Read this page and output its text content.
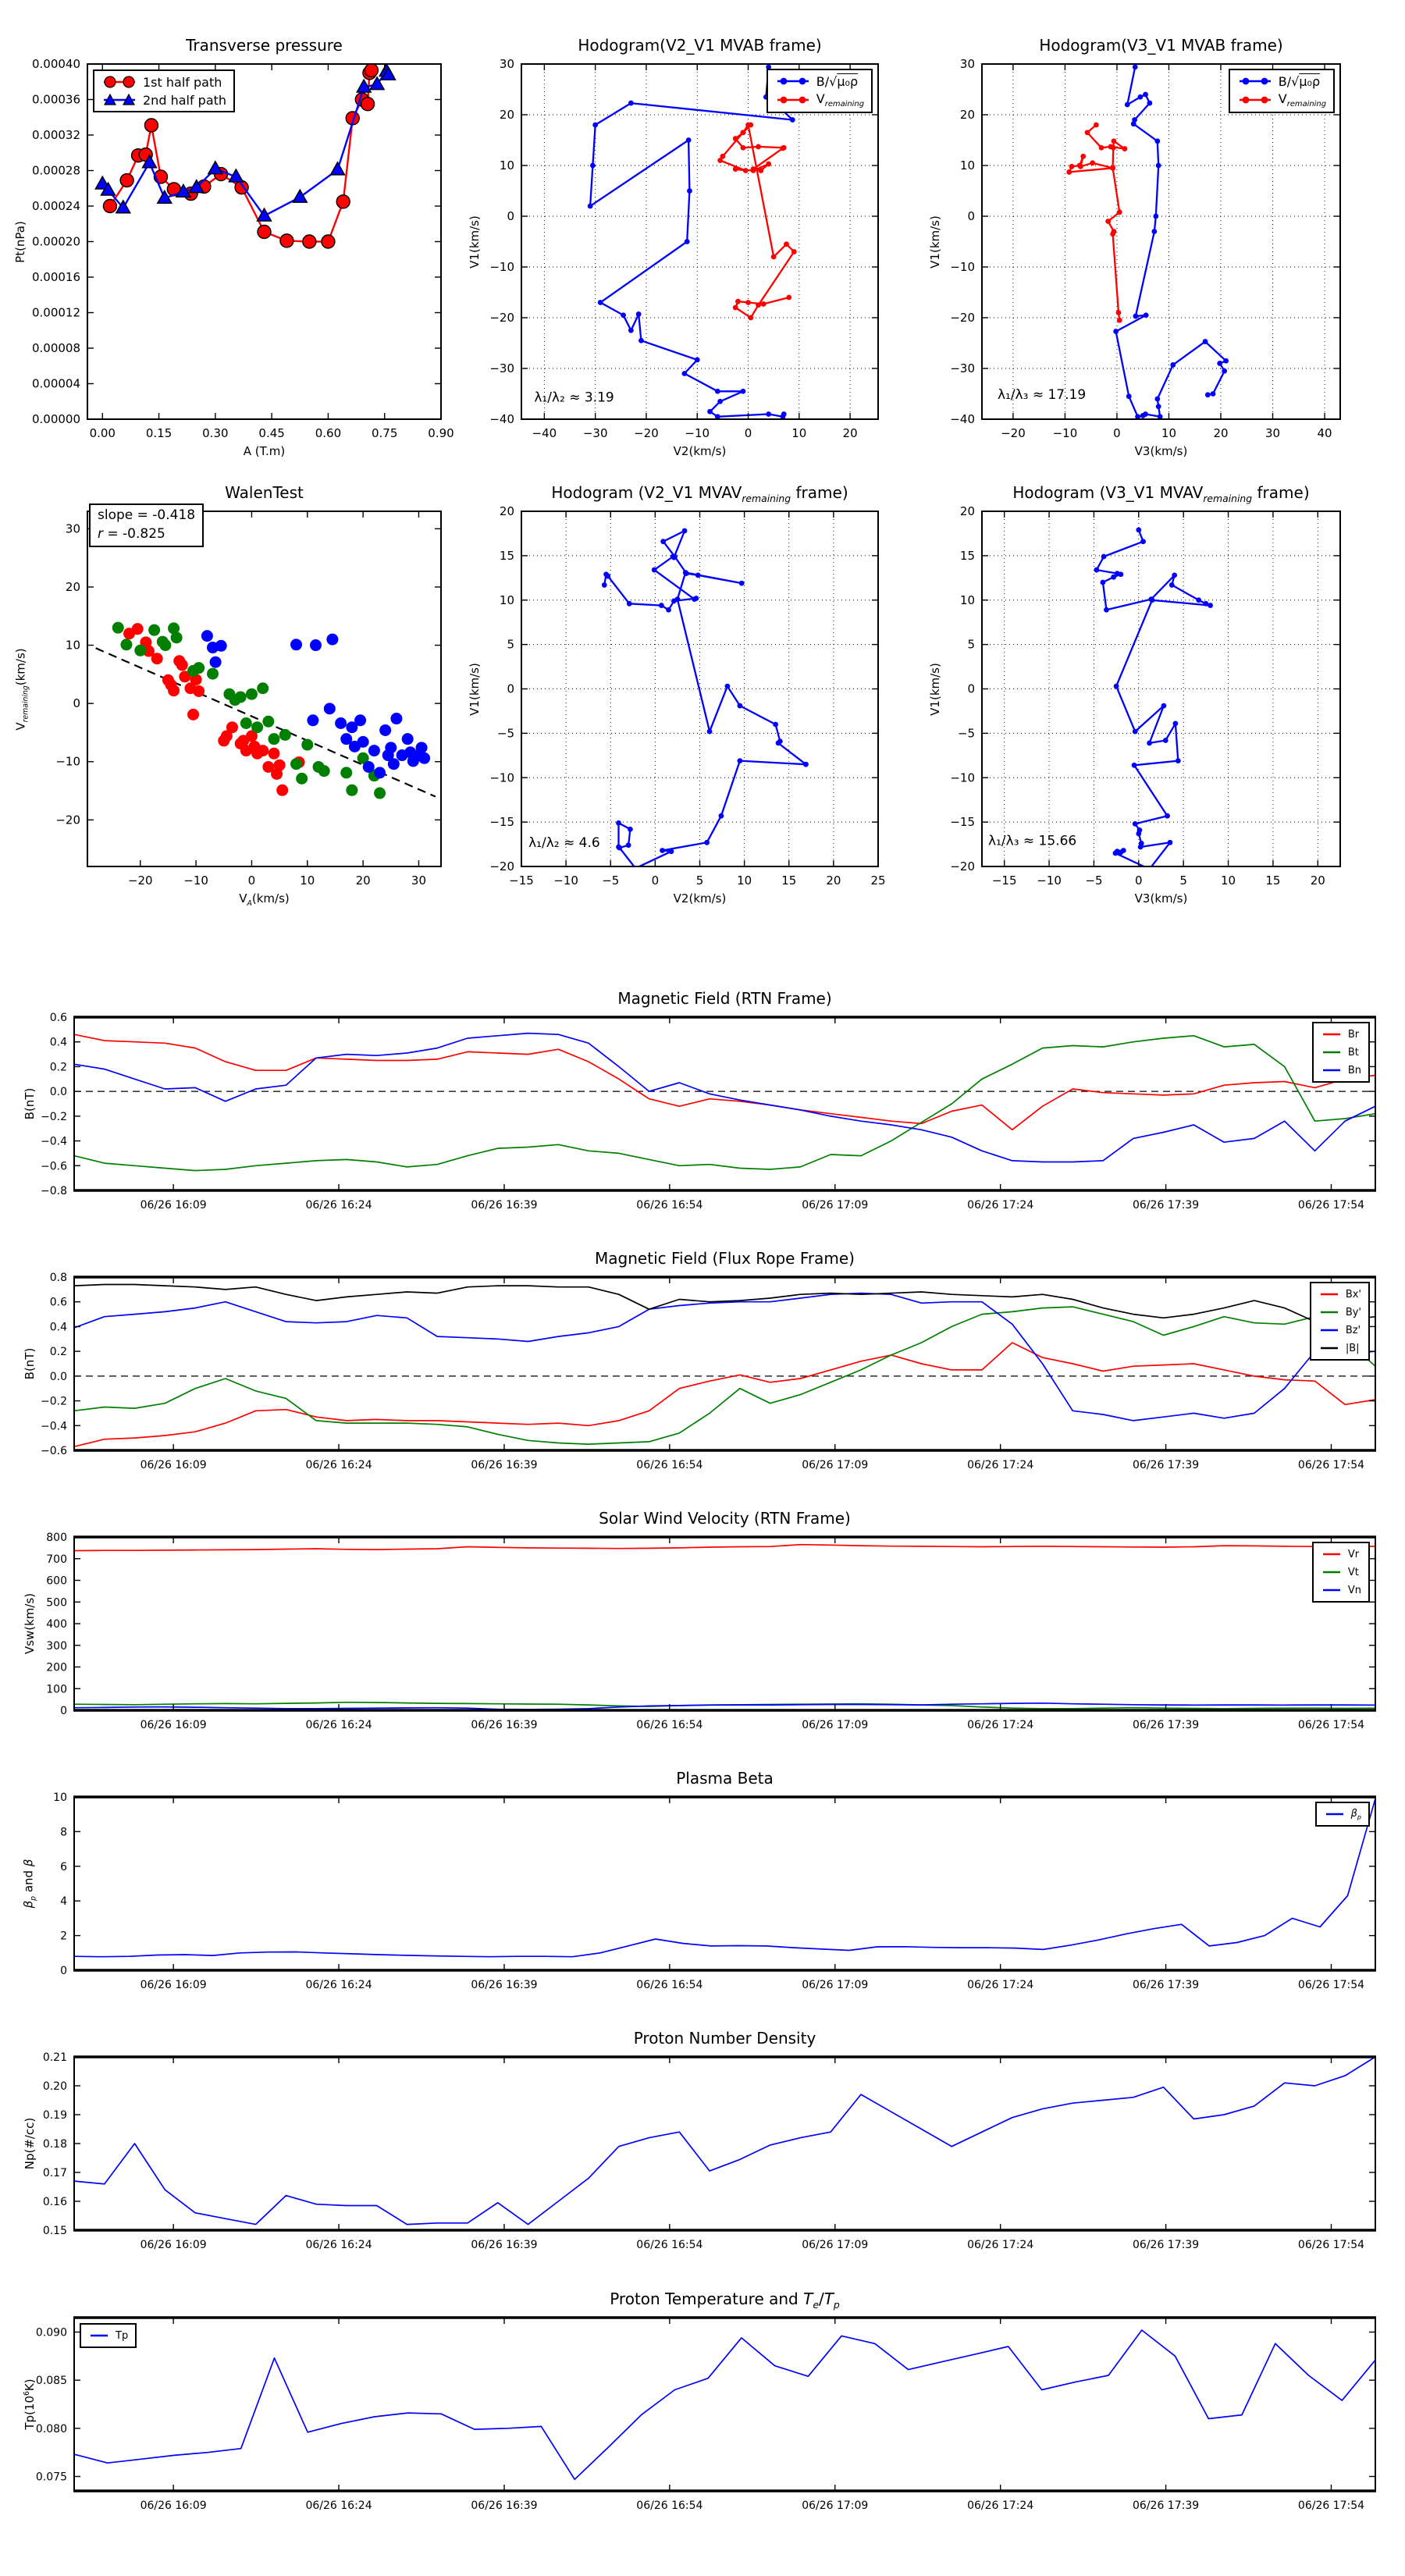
Transverse pressure
Pt(nPa)
A (T.m)
0.00	0.15	0.30	0.45	0.60	0.75	0.90
0.00000
0.00004
0.00008
0.00012
0.00016
0.00020
0.00024
0.00028
0.00032
0.00036
0.00040
1st half path
2nd half path
Hodogram(V2_V1 MVAB frame)
V1(km/s)
V2(km/s)
−40 −30 −20 −10	0	10	20
−40
−30
−20
−10
0
10
20
30
λ₁/λ₂ ≈ 3.19
B/√μ₀ρ
$V_{remaining}$
Hodogram(V3_V1 MVAB frame)
V1(km/s)
V3(km/s)
−20 −10	0	10	20	30	40
−40
−30
−20
−10
0
10
20
30
λ₁/λ₃ ≈ 17.19
B/√μ₀ρ
$V_{remaining}$
WalenTest
$V_{remaining}(km/s)$
$V_A(km/s)$
−20	−10	0	10	20	30
−20
−10
0
10
20
30
slope = -0.418
r = -0.825
Hodogram (V2_V1 $MVAV_{remaining}$ frame)
V1(km/s)
V2(km/s)
−15 −10 −5	0	5	10	15	20	25
−20
−15
−10
−5
0
5
10
15
20
λ₁/λ₂ ≈ 4.6
Hodogram (V3_V1 $MVAV_{remaining}$ frame)
V1(km/s)
V3(km/s)
−15 −10 −5	0	5	10	15	20
−20
−15
−10
−5
0
5
10
15
20
λ₁/λ₃ ≈ 15.66
Magnetic Field (RTN Frame)
B(nT)
06/26 16:09	06/26 16:24	06/26 16:39	06/26 16:54	06/26 17:09	06/26 17:24	06/26 17:39	06/26 17:54
−0.8
−0.6
−0.4
−0.2
0.0
0.2
0.4
0.6
Br
Bt
Bn
Magnetic Field (Flux Rope Frame)
B(nT)
06/26 16:09	06/26 16:24	06/26 16:39	06/26 16:54	06/26 17:09	06/26 17:24	06/26 17:39	06/26 17:54
−0.6
−0.4
−0.2
0.0
0.2
0.4
0.6
0.8
Bx'
By'
Bz'
|B|
Solar Wind Velocity (RTN Frame)
Vsw(km/s)
06/26 16:09	06/26 16:24	06/26 16:39	06/26 16:54	06/26 17:09	06/26 17:24	06/26 17:39	06/26 17:54
0
100
200
300
400
500
600
700
800
Vr
Vt
Vn
Plasma Beta
$\beta_p$ and β
06/26 16:09	06/26 16:24	06/26 16:39	06/26 16:54	06/26 17:09	06/26 17:24	06/26 17:39	06/26 17:54
0
2
4
6
8
10
$\beta_p$
Proton Number Density
Np(#/cc)
06/26 16:09	06/26 16:24	06/26 16:39	06/26 16:54	06/26 17:09	06/26 17:24	06/26 17:39	06/26 17:54
0.15
0.16
0.17
0.18
0.19
0.20
0.21
Proton Temperature and $T_e/T_p$
$Tp(10^6K)$
06/26 16:09	06/26 16:24	06/26 16:39	06/26 16:54	06/26 17:09	06/26 17:24	06/26 17:39	06/26 17:54
0.075
0.080
0.085
0.090	Tp
